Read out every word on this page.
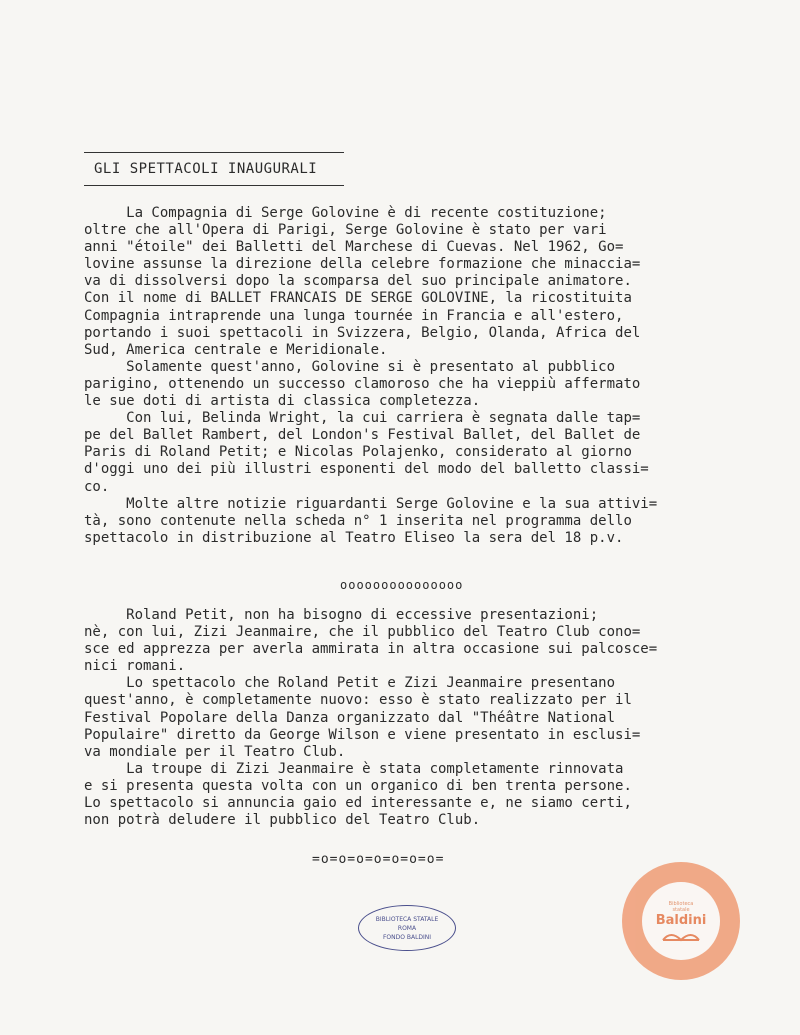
GLI SPETTACOLI INAUGURALI
La Compagnia di Serge Golovine è di recente costituzione;
oltre che all'Opera di Parigi, Serge Golovine è stato per vari
anni "étoile" dei Balletti del Marchese di Cuevas. Nel 1962, Go=
lovine assunse la direzione della celebre formazione che minaccia=
va di dissolversi dopo la scomparsa del suo principale animatore.
Con il nome di BALLET FRANCAIS DE SERGE GOLOVINE, la ricostituita
Compagnia intraprende una lunga tournée in Francia e all'estero,
portando i suoi spettacoli in Svizzera, Belgio, Olanda, Africa del
Sud, America centrale e Meridionale.
Solamente quest'anno, Golovine si è presentato al pubblico
parigino, ottenendo un successo clamoroso che ha vieppiù affermato
le sue doti di artista di classica completezza.
Con lui, Belinda Wright, la cui carriera è segnata dalle tap=
pe del Ballet Rambert, del London's Festival Ballet, del Ballet de
Paris di Roland Petit; e Nicolas Polajenko, considerato al giorno
d'oggi uno dei più illustri esponenti del modo del balletto classi=
co.
Molte altre notizie riguardanti Serge Golovine e la sua attivi=
tà, sono contenute nella scheda n° 1 inserita nel programma dello
spettacolo in distribuzione al Teatro Eliseo la sera del 18 p.v.
ooooooooooooooo
Roland Petit, non ha bisogno di eccessive presentazioni;
nè, con lui, Zizi Jeanmaire, che il pubblico del Teatro Club cono=
sce ed apprezza per averla ammirata in altra occasione sui palcosce=
nici romani.
Lo spettacolo che Roland Petit e Zizi Jeanmaire presentano
quest'anno, è completamente nuovo: esso è stato realizzato per il
Festival Popolare della Danza organizzato dal "Théâtre National
Populaire" diretto da George Wilson e viene presentato in esclusi=
va mondiale per il Teatro Club.
La troupe di Zizi Jeanmaire è stata completamente rinnovata
e si presenta questa volta con un organico di ben trenta persone.
Lo spettacolo si annuncia gaio ed interessante e, ne siamo certi,
non potrà deludere il pubblico del Teatro Club.
=o=o=o=o=o=o=o=
BIBLIOTECA STATALE
ROMA
FONDO BALDINI
Biblioteca
statale
Baldini
